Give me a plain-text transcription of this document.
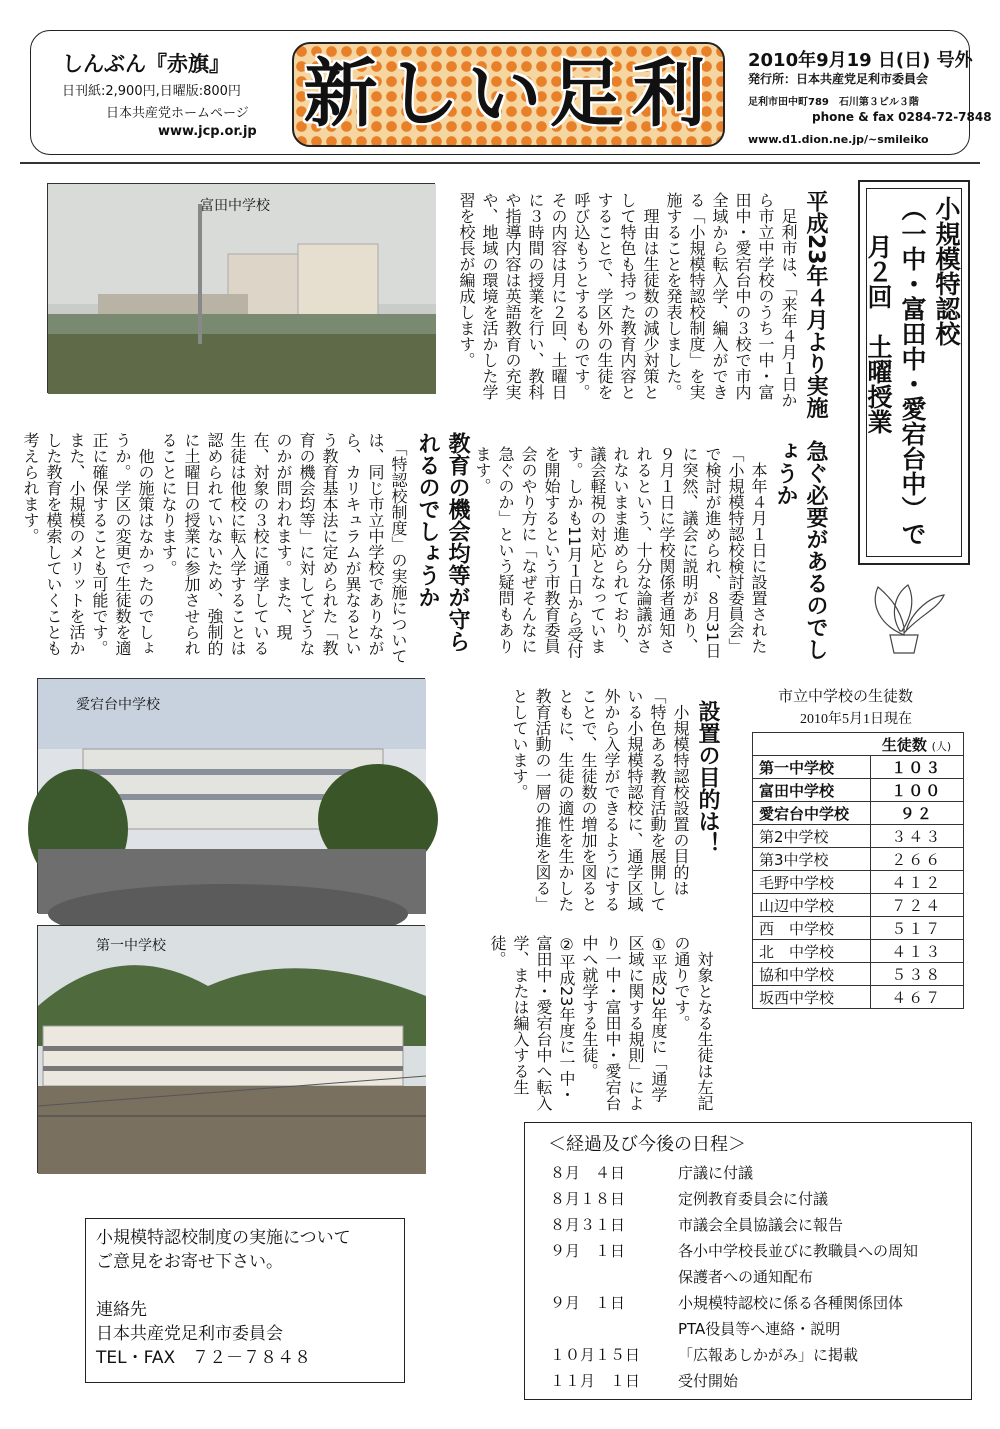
しんぶん『赤旗』
日刊紙:2,900円,日曜版:800円
日本共産党ホームページ
www.jcp.or.jp 新しい足利	2010年9月19 日(日) 号外
発行所：日本共産党足利市委員会
足利市田中町789　石川第３ビル３階
phone & fax 0284-72-7848
www.d1.dion.ne.jp/~smileiko
小規模特認校
（一中・富田中・愛宕台中）で
月２回　土曜授業
平成23年４月より実施

　足利市は、「来年４月１日から市立中学校のうち一中・富田中・愛宕台中の３校で市内全域から転入学、編入ができる「小規模特認校制度」を実施することを発表しました。

　理由は生徒数の減少対策として特色も持った教育内容とすることで、学区外の生徒を呼び込もうとするものです。その内容は月に２回、土曜日に３時間の授業を行い、教科や指導内容は英語教育の充実や、地域の環境を活かした学習を校長が編成します。

急ぐ必要があるのでしょうか

　本年４月１日に設置された「小規模特認校検討委員会」で検討が進められ、８月31日に突然、議会に説明があり、９月１日に学校関係者通知されるという、十分な論議がされないまま進められており、議会軽視の対応となっています。しかも11月１日から受付を開始するという市教育委員会のやり方に「なぜそんなに急ぐのか」という疑問もあります。

教育の機会均等が守られるのでしょうか

　「特認校制度」の実施については、同じ市立中学校でありながら、カリキュラムが異なるという教育基本法に定められた「教育の機会均等」に対してどうなのかが問われます。また、現在、対象の３校に通学している生徒は他校に転入学することは認められていないため、強制的に土曜日の授業に参加させられることになります。

　他の施策はなかったのでしょうか。学区の変更で生徒数を適正に確保することも可能です。また、小規模のメリットを活かした教育を模索していくことも考えられます。

設置の目的は！

　小規模特認校設置の目的は「特色ある教育活動を展開している小規模特認校に、通学区域外から入学ができるようにすることで、生徒数の増加を図るとともに、生徒の適性を生かした教育活動の一層の推進を図る」としています。

　対象となる生徒は左記の通りです。

①平成23年度に「通学区域に関する規則」により一中・富田中・愛宕台中へ就学する生徒。

②平成23年度に一中・富田中・愛宕台中へ転入学、または編入する生徒。

富田中学校
愛宕台中学校
第一中学校
市立中学校の生徒数
2010年5月1日現在
	生徒数 (人)
第一中学校	１０３
富田中学校	１００
愛宕台中学校	９２
第2中学校	３４３
第3中学校	２６６
毛野中学校	４１２
山辺中学校	７２４
西　中学校	５１７
北　中学校	４１３
協和中学校	５３８
坂西中学校	４６７
＜経過及び今後の日程＞
８月　４日	庁議に付議
８月１８日	定例教育委員会に付議
８月３１日	市議会全員協議会に報告
９月　１日	各小中学校長並びに教職員への周知
保護者への通知配布
９月　１日	小規模特認校に係る各種関係団体
PTA役員等へ連絡・説明
１０月１５日	「広報あしかがみ」に掲載
１１月　１日	受付開始
小規模特認校制度の実施について
ご意見をお寄せ下さい。
連絡先
日本共産党足利市委員会
TEL・FAX　７２－７８４８
